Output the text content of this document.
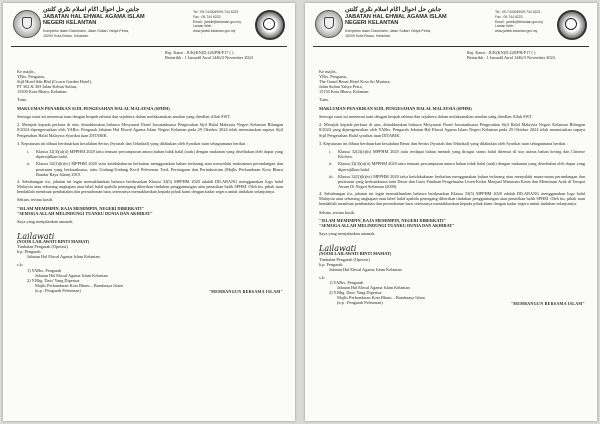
جابتن حل احوال اݢام اسلام نݢري کلنتن
JABATAN HAL EHWAL AGAMA ISLAM
NEGERI KELANTAN
Kompleks Islam Darulnaim, Jalan Sultan Yahya Petra,
15200 Kota Bharu, Kelantan.
Tel : 09-7443049/09-744 6223
Fax : 09-744 6223
Email : jaheik@kelantan.gov.my
Laman Web : www.jaheik.kelantan.gov.my
Ruj. Kami : JUK(KN)D.226/PH/F17 ( )
Bertarikh : 1 Jamadil Awal 1446/3 November 2024
Ke majlis,
YBrs. Pengurus,
Sijil Hotel Sdn Bhd (Crown Garden Hotel),
PT 302 & 303 Jalan Kebun Sultan,
15300 Kota Bharu, Kelantan.

Tuan,

MAKLUMAN PENARIKAN SIJIL PENGESAHAN HALAL MALAYSIA (SPHM)

Semoga surat ini menemui tuan dengan limpah rahmat dan sejahtera dalam melaksanakan amalan yang diredhai Allah SWT.

2. Merujuk kepada perkara di atas, dimaklumkan bahawa Mesyuarat Panel Jawatankuasa Pengesahan Sijil Halal Malaysia Negeri Kelantan Bilangan 8/2024 dipengerusikan oleh YABrs. Pengarah Jabatan Hal Ehwal Agama Islam Negeri Kelantan pada 29 Oktober 2024 telah memutuskan supaya Sijil Pengesahan Halal Malaysia Syarikat tuan DITARIK.

3. Keputusan ini dibuat berdasarkan kesalahan Serius (Syariah dan Teknikal) yang dilakukan oleh Syarikat tuan sebagaimana berikut :

i.	Klausa 32(3)(a)(ii) MPPHM 2020 iaitu temuan percampuran antara bahan tidak halal (arak) dengan makanan yang disediakan oleh dapur yang dipersijilkan halal.
ii.	Klausa 32(3)(b)(vi) MPPHM 2020 iaitu ketidakakuran berkaitan menggunakan bahan terlarang atau menyalahi maksimum perundangan dan peraturan yang berkuatkuasa, iaitu Undang-Undang Kecil Pelesenan Tred, Perniagaan dan Perindustrian (Majlis Perbandaran Kota Bharu Bandar Raya Islam) 2019.

4. Sehubungan itu, jabatan ini ingin memaklumkan bahawa berdasarkan Klausa 33(5) MPPHM 2020 adalah DILARANG menggunakan logo halal Malaysia atau sebarang ungkapan atau label halal apabila pemegang diberikan tindakan penggantungan atau penarikan balik SPHM. Oleh itu, pihak tuan hendaklah membuat pembatalan dan permohonan baru seterusnya memaklumkan kepada pihak kami dengan kadar segera untuk tindakan selanjutnya.

Sekian, terima kasih.

"ISLAM MEMIMPIN, RAJA MEMIMPIN, NEGERI DIBERKATI"
"SEMOGA ALLAH MELINDUNGI TUANKU DUNIA DAN AKHIRAT"
Saya yang menjalankan amanah,
Lailawati
(NOOR LAILAWATI BINTI MAMAT)
Timbalan Pengarah (Operasi)
b.p. Pengarah
Jabatan Hal Ehwal Agama Islam Kelantan
s.k:
1) YABrs. Pengarah
Jabatan Hal Ehwal Agama Islam Kelantan
2) Y.Bhg. Dato' Yang Dipertua
Majlis Perbandaran Kota Bharu – Bandaraya Islam
(u.p : Pengarah Pelesenan)	"MEMBANGUN BERSAMA ISLAM"
جابتن حل احوال اݢام اسلام نݢري کلنتن
JABATAN HAL EHWAL AGAMA ISLAM
NEGERI KELANTAN
Kompleks Islam Darulnaim, Jalan Sultan Yahya Petra,
15200 Kota Bharu, Kelantan.
Tel : 09-7443049/09-744 6223
Fax : 09-744 6223
Email : jaheik@kelantan.gov.my
Laman Web : www.jaheik.kelantan.gov.my
Ruj. Kami : JUK(KN)D.228/PH/F17 ( )
Bertarikh : 1 Jamadil Awal 1446/3 November 2024
Ke majlis,
YBrs. Pengurus,
The Grand Renai Hotel Kota Sri Mutiara,
Jalan Sultan Yahya Petra,
15150 Kota Bharu, Kelantan.

Tuan,

MAKLUMAN PENARIKAN SIJIL PENGESAHAN HALAL MALAYSIA (SPHM)

Semoga surat ini menemui tuan dengan limpah rahmat dan sejahtera dalam melaksanakan amalan yang diredhai Allah SWT.

2. Merujuk kepada perkara di atas, dimaklumkan bahawa Mesyuarat Panel Jawatankuasa Pengesahan Sijil Halal Malaysia Negeri Kelantan Bilangan 8/2024 yang dipengerusikan oleh YABrs. Pengarah Jabatan Hal Ehwal Agama Islam Negeri Kelantan pada 29 Oktober 2024 telah memutuskan supaya Sijil Pengesahan Halal syarikat tuan DITARIK.

3. Keputusan ini dibuat berdasarkan kesalahan Besar dan Serius (Syariah dan Teknikal) yang dilakukan oleh Syarikat tuan sebagaimana berikut :

i.	Klausa 32(2)(a)(ii) MPPHM 2020 iaitu terdapat bahan mentah yang diragui status halal ditemui di stor utama bahan kering dan Chinese Kitchen.
ii.	Klausa 32(3)(a)(ii) MPPHM 2020 iaitu temuan percampuran antara bahan tidak halal (arak) dengan makanan yang disediakan oleh dapur yang dipersijilkan halal.
iii.	Klausa 32(3)(b)(vi) MPPHM 2020 iaitu ketidakakuran berkaitan menggunakan bahan terlarang atau menyalahi mana-mana perundangan dan peraturan yang berkuatkuasa iaitu Dasar dan Garis Panduan Pengeluaran Lesen Kedai Menjual Minuman Keras dan Meminum Arak di Tempat Awam Di Negeri Kelantan (2009).

4. Sehubungan itu, jabatan ini ingin memaklumkan bahawa berdasarkan Klausa 33(5) MPPHM 2020 adalah DILARANG menggunakan logo halal Malaysia atau sebarang ungkapan atau label halal apabila pemegang diberikan tindakan penggantungan atau penarikan balik SPHM. Oleh itu, pihak tuan hendaklah membuat pembatalan dan permohonan baru seterusnya memaklumkan kepada pihak kami dengan kadar segera untuk tindakan selanjutnya.

Sekian, terima kasih.

"ISLAM MEMIMPIN, RAJA MEMIMPIN, NEGERI DIBERKATI"
"SEMOGA ALLAH MELINDUNGI TUANKU DUNIA DAN AKHIRAT"
Saya yang menjalankan amanah,
Lailawati
(NOOR LAILAWATI BINTI MAMAT)
Timbalan Pengarah (Operasi)
b.p. Pengarah
Jabatan Hal Ehwal Agama Islam Kelantan
s.k:
1) YABrs. Pengarah
Jabatan Hal Ehwal Agama Islam Kelantan
2) Y.Bhg. Dato' Yang Dipertua
Majlis Perbandaran Kota Bharu – Bandaraya Islam
(u.p : Pengarah Pelesenan)	"MEMBANGUN BERSAMA ISLAM"
